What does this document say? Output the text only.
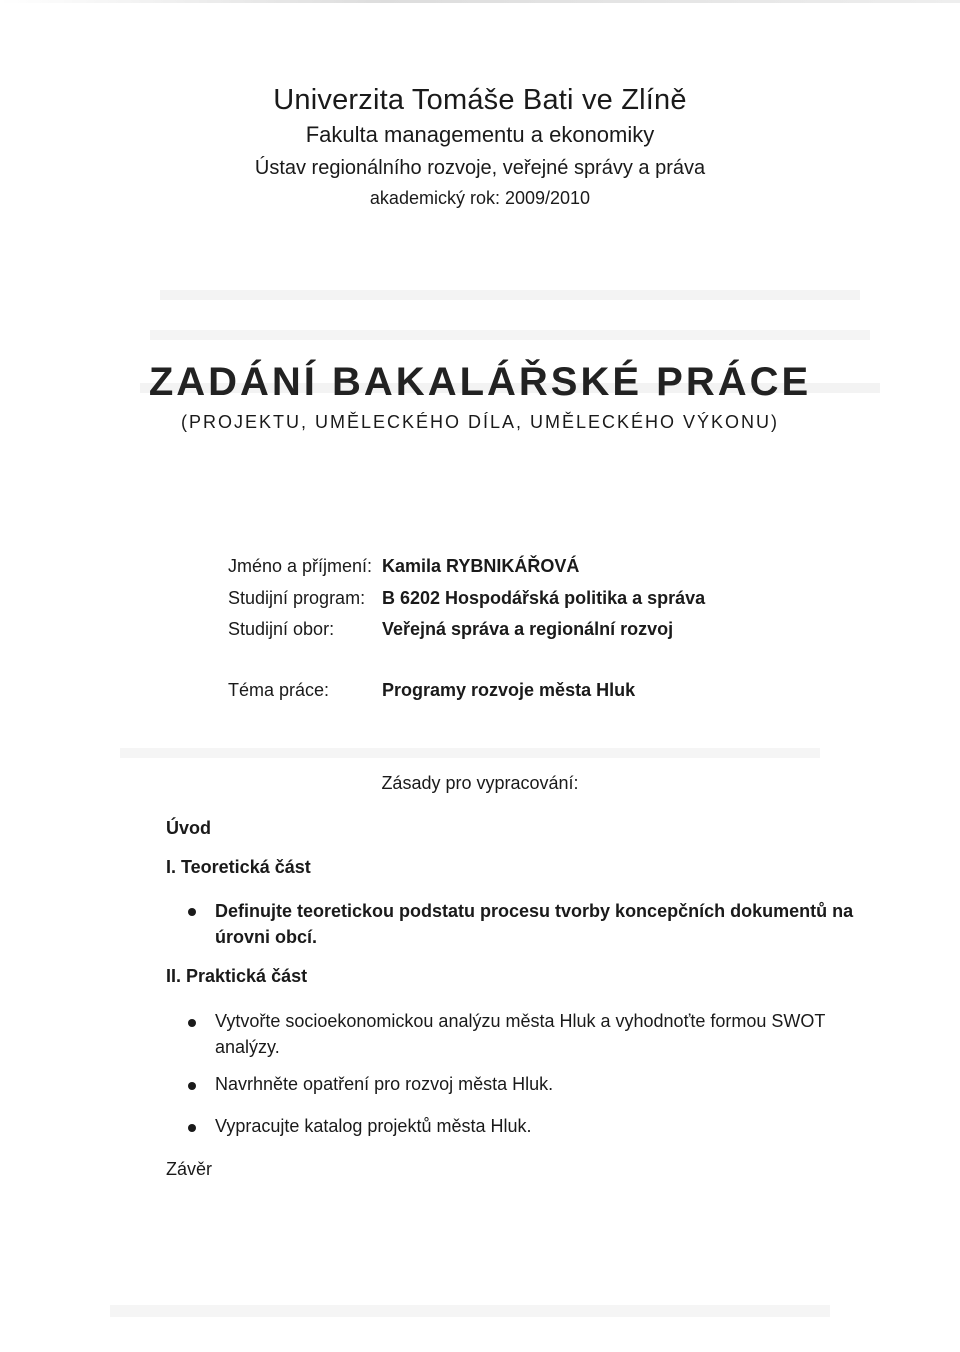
Univerzita Tomáše Bati ve Zlíně
Fakulta managementu a ekonomiky
Ústav regionálního rozvoje, veřejné správy a práva
akademický rok: 2009/2010
ZADÁNÍ BAKALÁŘSKÉ PRÁCE
(PROJEKTU, UMĚLECKÉHO DÍLA, UMĚLECKÉHO VÝKONU)
Jméno a příjmení: Kamila RYBNIKÁŘOVÁ
Studijní program: B 6202 Hospodářská politika a správa
Studijní obor:	Veřejná správa a regionální rozvoj
Téma práce:	Programy rozvoje města Hluk
Zásady pro vypracování:
Úvod
I. Teoretická část
Definujte teoretickou podstatu procesu tvorby koncepčních dokumentů na úrovni obcí.
II. Praktická část
Vytvořte socioekonomickou analýzu města Hluk a vyhodnoťte formou SWOT analýzy.
Navrhněte opatření pro rozvoj města Hluk.
Vypracujte katalog projektů města Hluk.
Závěr
